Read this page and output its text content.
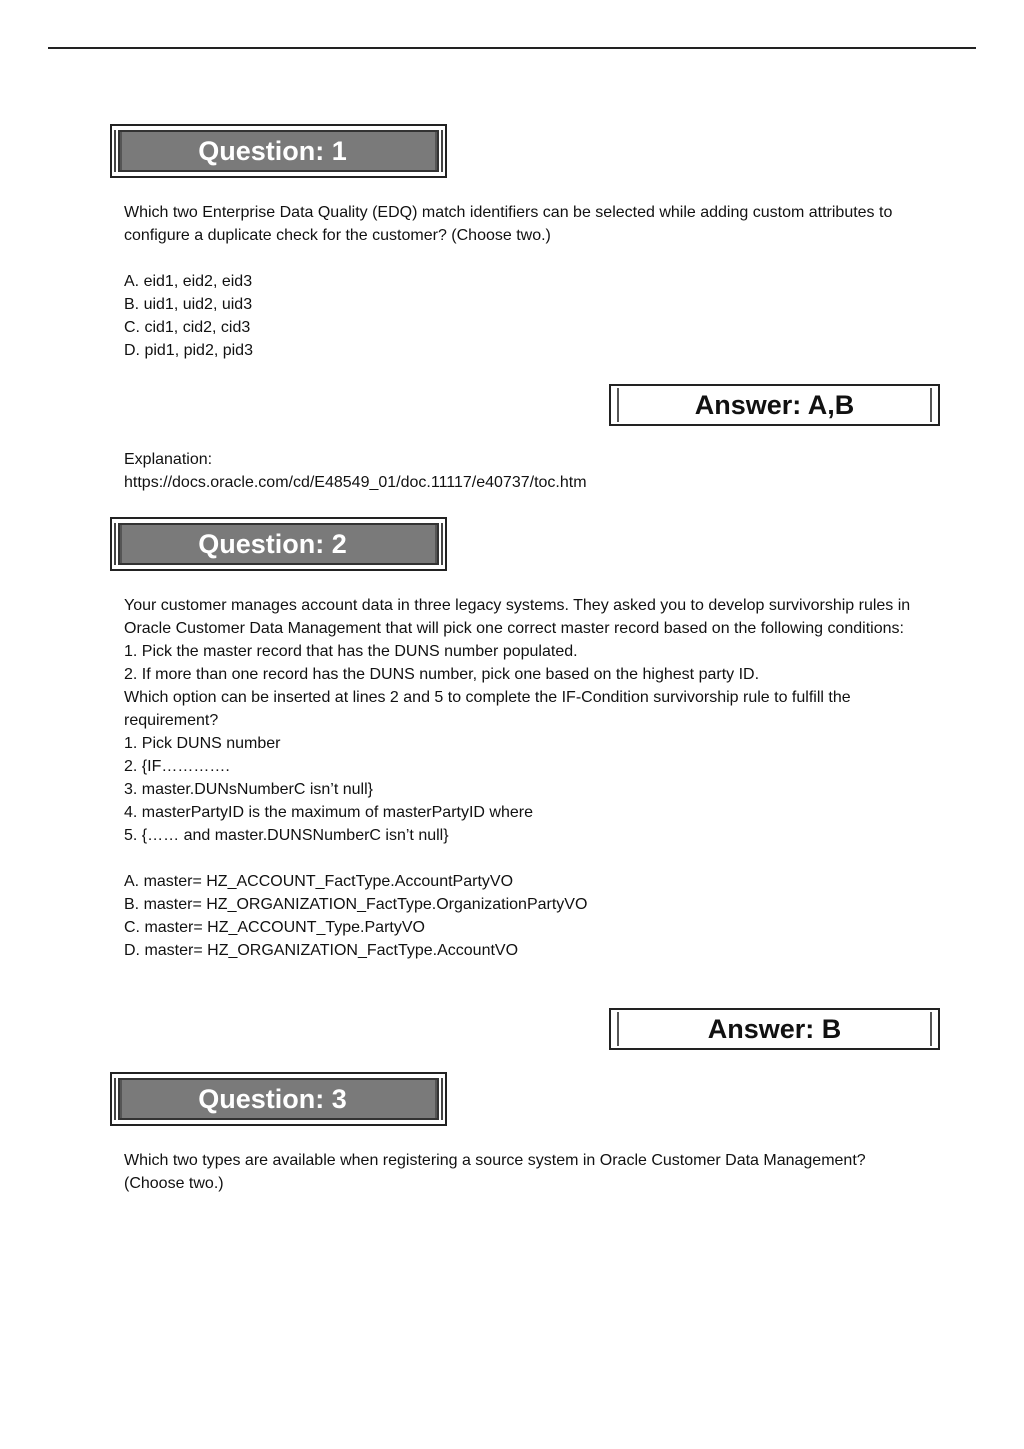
Question: 1

Which two Enterprise Data Quality (EDQ) match identifiers can be selected while adding custom attributes to configure a duplicate check for the customer? (Choose two.)

A. eid1, eid2, eid3

B. uid1, uid2, uid3

C. cid1, cid2, cid3

D. pid1, pid2, pid3

Answer: A,B

Explanation:

https://docs.oracle.com/cd/E48549_01/doc.11117/e40737/toc.htm

Question: 2

Your customer manages account data in three legacy systems. They asked you to develop survivorship rules in Oracle Customer Data Management that will pick one correct master record based on the following conditions:

1. Pick the master record that has the DUNS number populated.

2. If more than one record has the DUNS number, pick one based on the highest party ID.

Which option can be inserted at lines 2 and 5 to complete the IF-Condition survivorship rule to fulfill the requirement?

1. Pick DUNS number

2. {IF………….

3. master.DUNsNumberC isn’t null}

4. masterPartyID is the maximum of masterPartyID where

5. {…… and master.DUNSNumberC isn’t null}

A. master= HZ_ACCOUNT_FactType.AccountPartyVO

B. master= HZ_ORGANIZATION_FactType.OrganizationPartyVO

C. master= HZ_ACCOUNT_Type.PartyVO

D. master= HZ_ORGANIZATION_FactType.AccountVO

Answer: B
Question: 3

Which two types are available when registering a source system in Oracle Customer Data Management? (Choose two.)
